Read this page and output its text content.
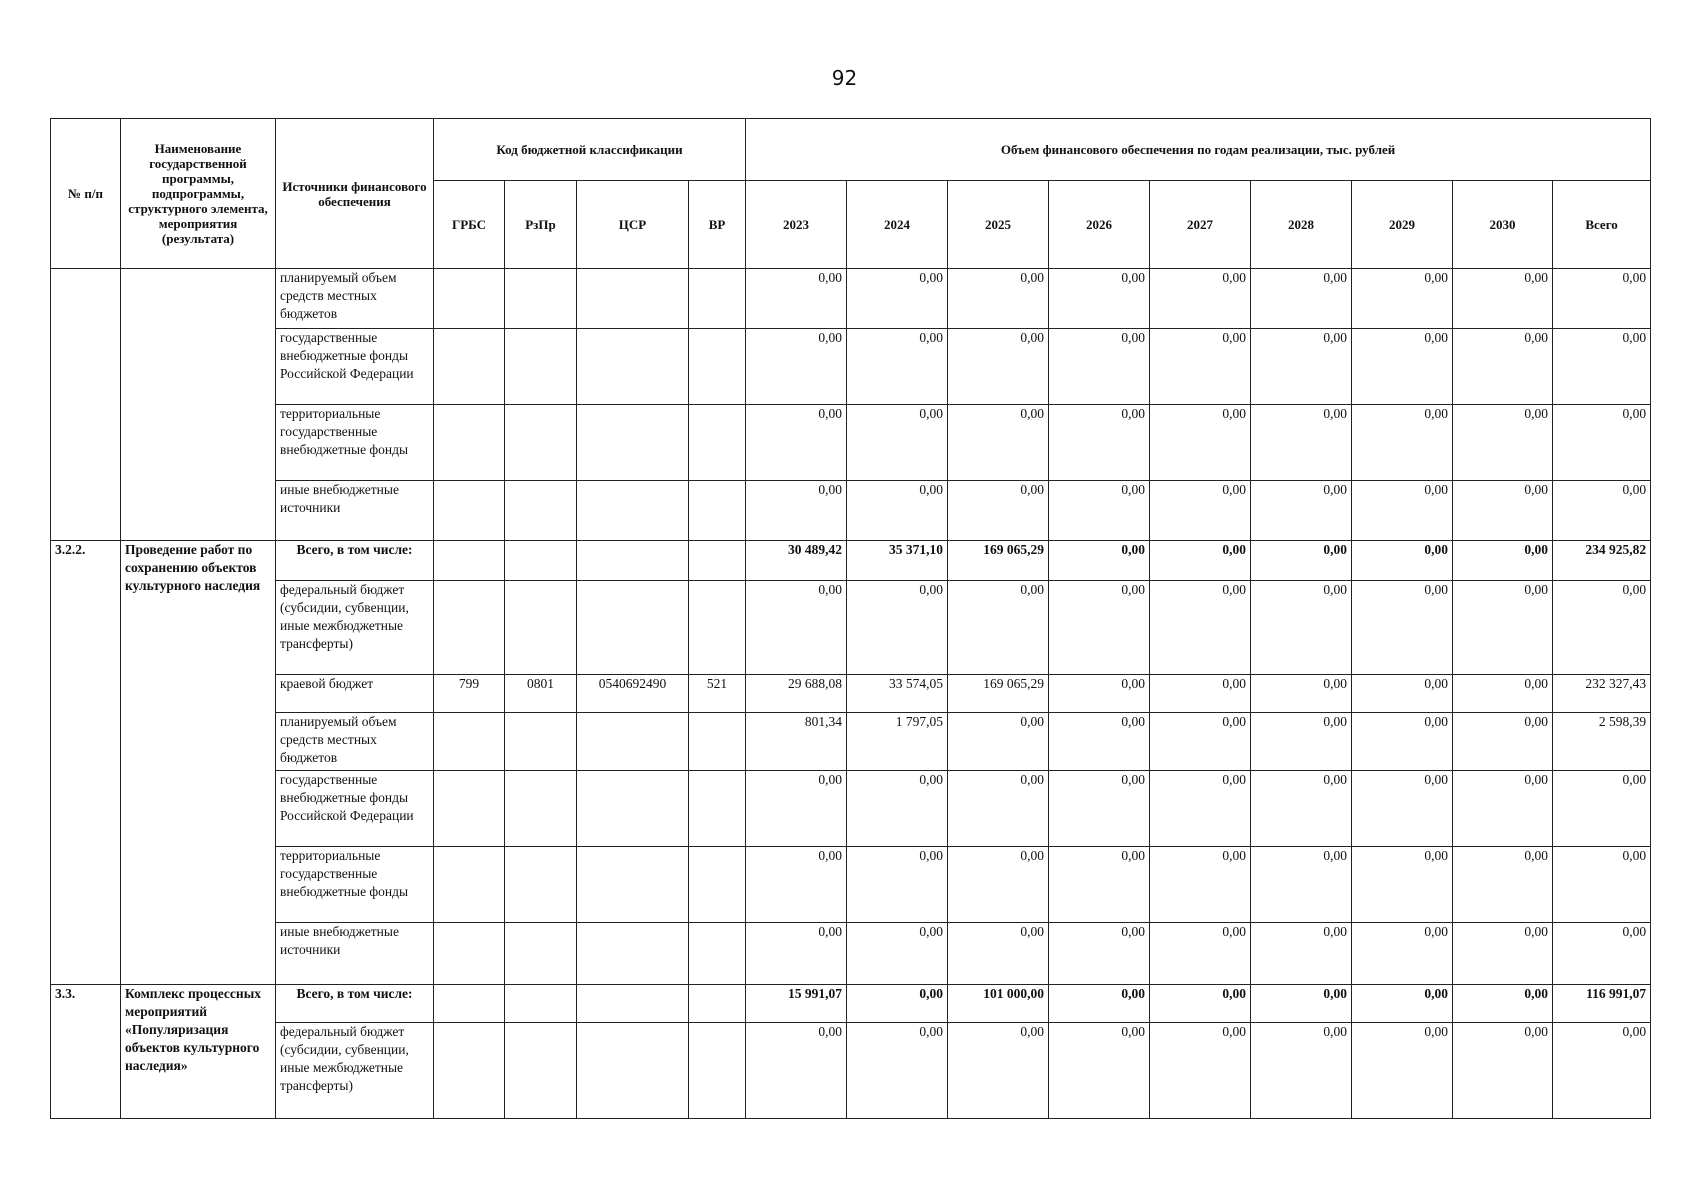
92
№ п/п	Наименование государственной программы, подпрограммы, структурного элемента, мероприятия (результата)	Источники финансового обеспечения	Код бюджетной классификации				Объем финансового обеспечения по годам реализации, тыс. рублей								
			ГРБС	РзПр	ЦСР	ВР	2023	2024	2025	2026	2027	2028	2029	2030	Всего
		планируемый объем средств местных бюджетов					0,00	0,00	0,00	0,00	0,00	0,00	0,00	0,00	0,00
		государственные внебюджетные фонды Российской Федерации					0,00	0,00	0,00	0,00	0,00	0,00	0,00	0,00	0,00
		территориальные государственные внебюджетные фонды					0,00	0,00	0,00	0,00	0,00	0,00	0,00	0,00	0,00
		иные внебюджетные источники					0,00	0,00	0,00	0,00	0,00	0,00	0,00	0,00	0,00
3.2.2.	Проведение работ по сохранению объектов культурного наследия	Всего, в том числе:					30 489,42	35 371,10	169 065,29	0,00	0,00	0,00	0,00	0,00	234 925,82
		федеральный бюджет (субсидии, субвенции, иные межбюджетные трансферты)					0,00	0,00	0,00	0,00	0,00	0,00	0,00	0,00	0,00
		краевой бюджет	799	0801	0540692490	521	29 688,08	33 574,05	169 065,29	0,00	0,00	0,00	0,00	0,00	232 327,43
		планируемый объем средств местных бюджетов					801,34	1 797,05	0,00	0,00	0,00	0,00	0,00	0,00	2 598,39
		государственные внебюджетные фонды Российской Федерации					0,00	0,00	0,00	0,00	0,00	0,00	0,00	0,00	0,00
		территориальные государственные внебюджетные фонды					0,00	0,00	0,00	0,00	0,00	0,00	0,00	0,00	0,00
		иные внебюджетные источники					0,00	0,00	0,00	0,00	0,00	0,00	0,00	0,00	0,00
3.3.	Комплекс процессных мероприятий «Популяризация объектов культурного наследия»	Всего, в том числе:					15 991,07	0,00	101 000,00	0,00	0,00	0,00	0,00	0,00	116 991,07
		федеральный бюджет (субсидии, субвенции, иные межбюджетные трансферты)					0,00	0,00	0,00	0,00	0,00	0,00	0,00	0,00	0,00
